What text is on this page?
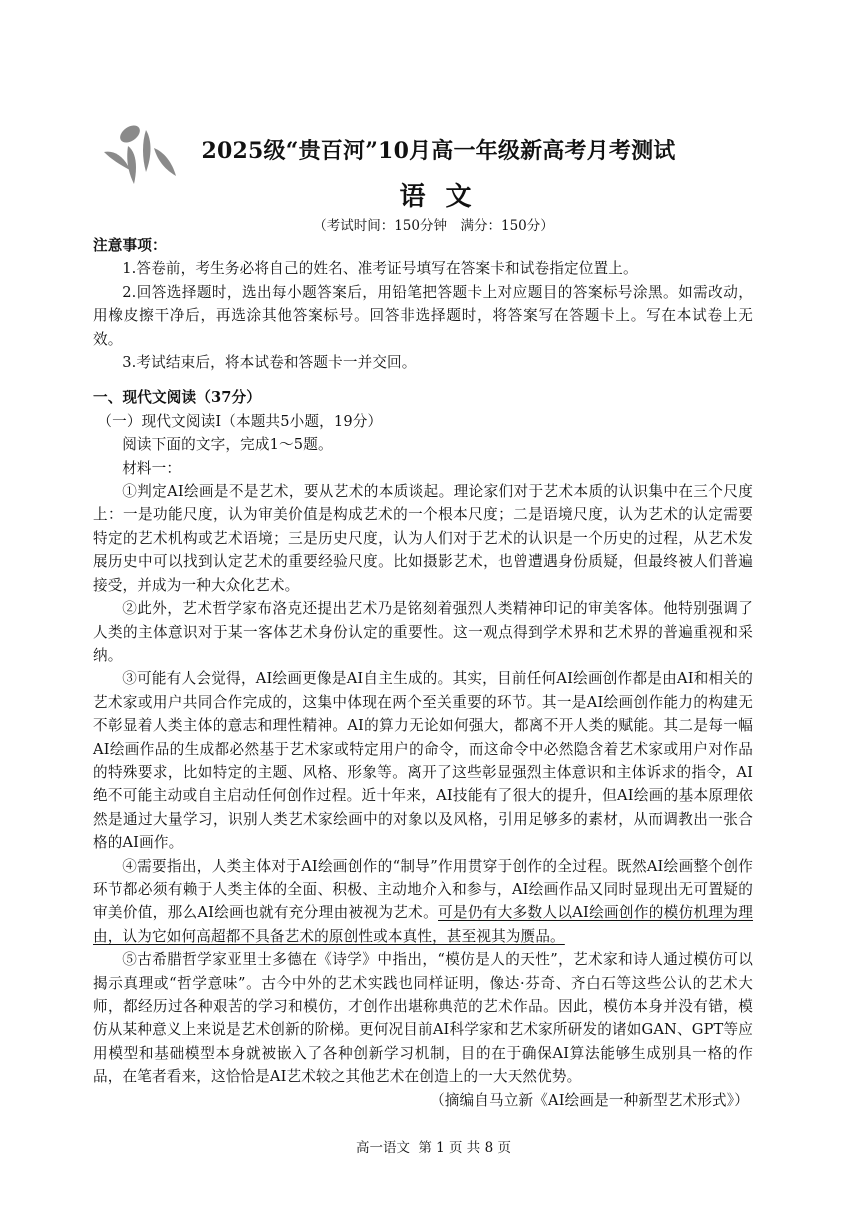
2025级“贵百河”10月高一年级新高考月考测试
语文
（考试时间：150分钟　满分：150分）

注意事项：

1.答卷前，考生务必将自己的姓名、准考证号填写在答案卡和试卷指定位置上。

2.回答选择题时，选出每小题答案后，用铅笔把答题卡上对应题目的答案标号涂黑。如需改动，用橡皮擦干净后，再选涂其他答案标号。回答非选择题时，将答案写在答题卡上。写在本试卷上无效。

3.考试结束后，将本试卷和答题卡一并交回。

一、现代文阅读（37分）

（一）现代文阅读Ⅰ（本题共5小题，19分）

阅读下面的文字，完成1～5题。

材料一：

①判定AI绘画是不是艺术，要从艺术的本质谈起。理论家们对于艺术本质的认识集中在三个尺度上：一是功能尺度，认为审美价值是构成艺术的一个根本尺度；二是语境尺度，认为艺术的认定需要特定的艺术机构或艺术语境；三是历史尺度，认为人们对于艺术的认识是一个历史的过程，从艺术发展历史中可以找到认定艺术的重要经验尺度。比如摄影艺术，也曾遭遇身份质疑，但最终被人们普遍接受，并成为一种大众化艺术。

②此外，艺术哲学家布洛克还提出艺术乃是铭刻着强烈人类精神印记的审美客体。他特别强调了人类的主体意识对于某一客体艺术身份认定的重要性。这一观点得到学术界和艺术界的普遍重视和采纳。

③可能有人会觉得，AI绘画更像是AI自主生成的。其实，目前任何AI绘画创作都是由AI和相关的艺术家或用户共同合作完成的，这集中体现在两个至关重要的环节。其一是AI绘画创作能力的构建无不彰显着人类主体的意志和理性精神。AI的算力无论如何强大，都离不开人类的赋能。其二是每一幅AI绘画作品的生成都必然基于艺术家或特定用户的命令，而这命令中必然隐含着艺术家或用户对作品的特殊要求，比如特定的主题、风格、形象等。离开了这些彰显强烈主体意识和主体诉求的指令，AI绝不可能主动或自主启动任何创作过程。近十年来，AI技能有了很大的提升，但AI绘画的基本原理依然是通过大量学习，识别人类艺术家绘画中的对象以及风格，引用足够多的素材，从而调教出一张合格的AI画作。

④需要指出，人类主体对于AI绘画创作的“制导”作用贯穿于创作的全过程。既然AI绘画整个创作环节都必须有赖于人类主体的全面、积极、主动地介入和参与，AI绘画作品又同时显现出无可置疑的审美价值，那么AI绘画也就有充分理由被视为艺术。可是仍有大多数人以AI绘画创作的模仿机理为理由，认为它如何高超都不具备艺术的原创性或本真性，甚至视其为赝品。

⑤古希腊哲学家亚里士多德在《诗学》中指出，“模仿是人的天性”，艺术家和诗人通过模仿可以揭示真理或“哲学意味”。古今中外的艺术实践也同样证明，像达·芬奇、齐白石等这些公认的艺术大师，都经历过各种艰苦的学习和模仿，才创作出堪称典范的艺术作品。因此，模仿本身并没有错，模仿从某种意义上来说是艺术创新的阶梯。更何况目前AI科学家和艺术家所研发的诸如GAN、GPT等应用模型和基础模型本身就被嵌入了各种创新学习机制，目的在于确保AI算法能够生成别具一格的作品，在笔者看来，这恰恰是AI艺术较之其他艺术在创造上的一大天然优势。

（摘编自马立新《AI绘画是一种新型艺术形式》）

高一语文 第 1 页 共 8 页
